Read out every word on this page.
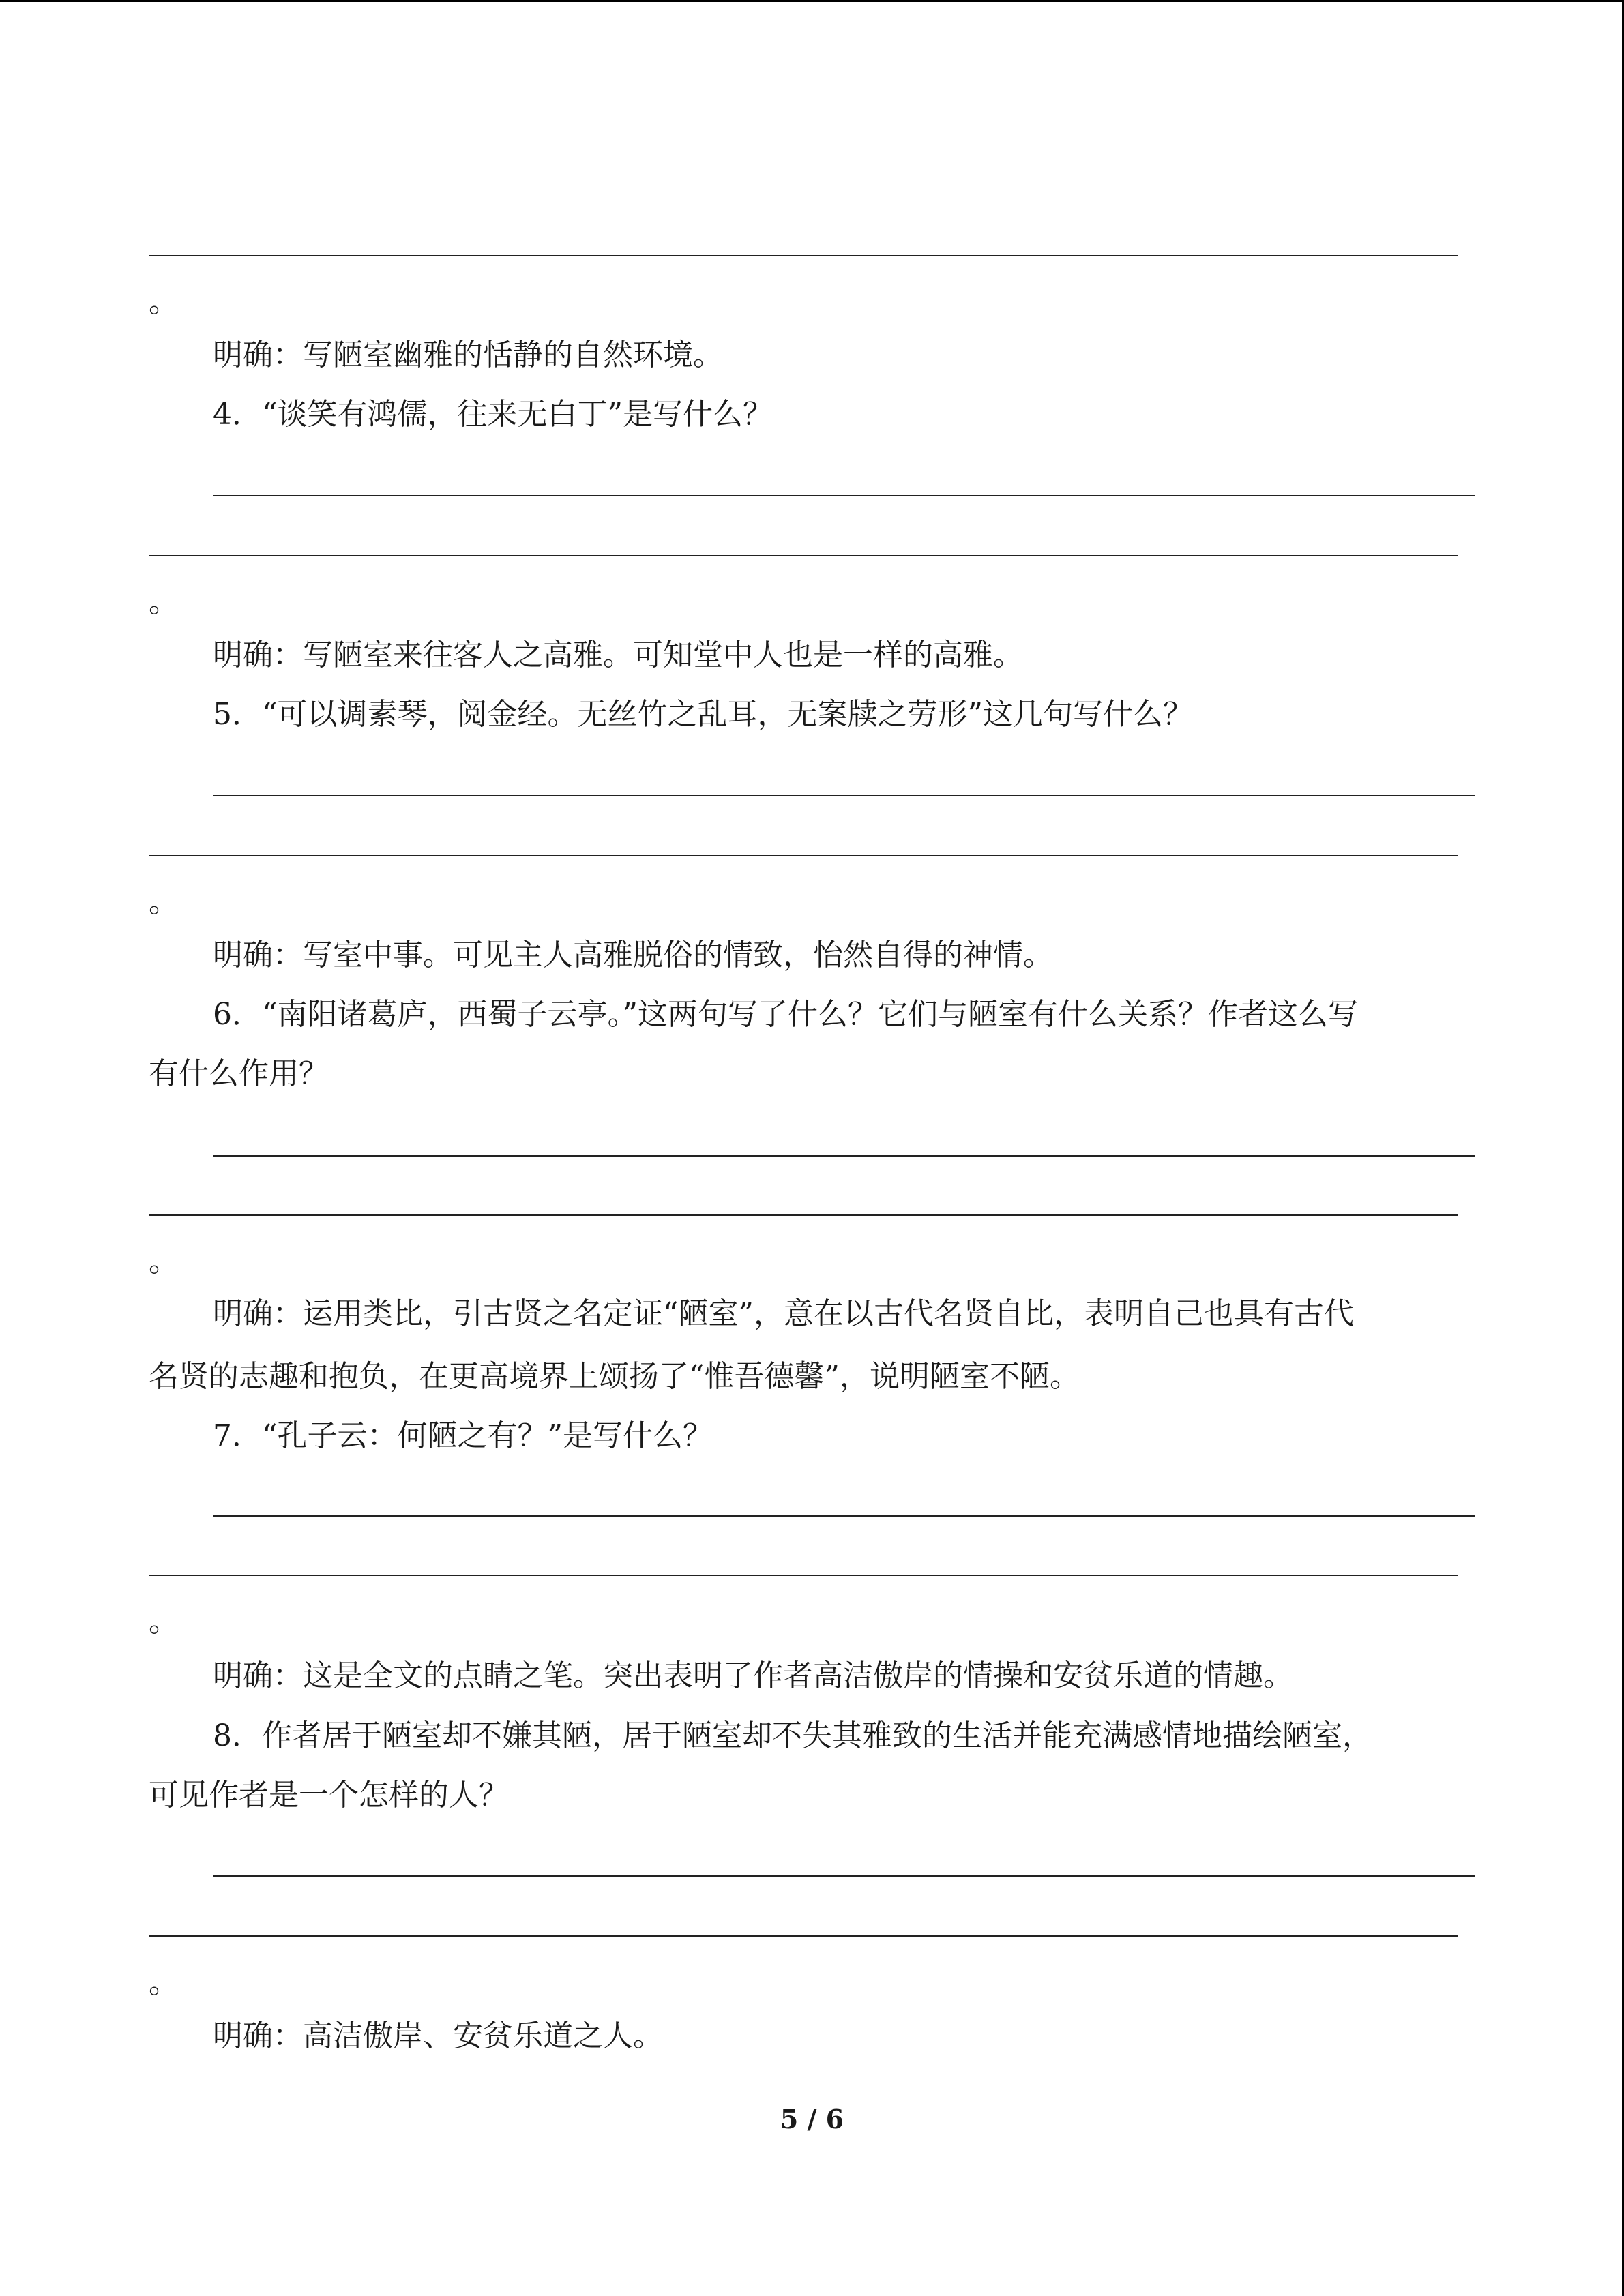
。
明确：写陋室幽雅的恬静的自然环境。
4．“谈笑有鸿儒，往来无白丁”是写什么？
。
明确：写陋室来往客人之高雅。可知堂中人也是一样的高雅。
5．“可以调素琴，阅金经。无丝竹之乱耳，无案牍之劳形”这几句写什么？
。
明确：写室中事。可见主人高雅脱俗的情致，怡然自得的神情。
6．“南阳诸葛庐，西蜀子云亭。”这两句写了什么？它们与陋室有什么关系？作者这么写
有什么作用？
。
明确：运用类比，引古贤之名定证“陋室”，意在以古代名贤自比，表明自己也具有古代
名贤的志趣和抱负，在更高境界上颂扬了“惟吾德馨”，说明陋室不陋。
7．“孔子云：何陋之有？”是写什么？
。
明确：这是全文的点睛之笔。突出表明了作者高洁傲岸的情操和安贫乐道的情趣。
8．作者居于陋室却不嫌其陋，居于陋室却不失其雅致的生活并能充满感情地描绘陋室，
可见作者是一个怎样的人？
。
明确：高洁傲岸、安贫乐道之人。
5 / 6
